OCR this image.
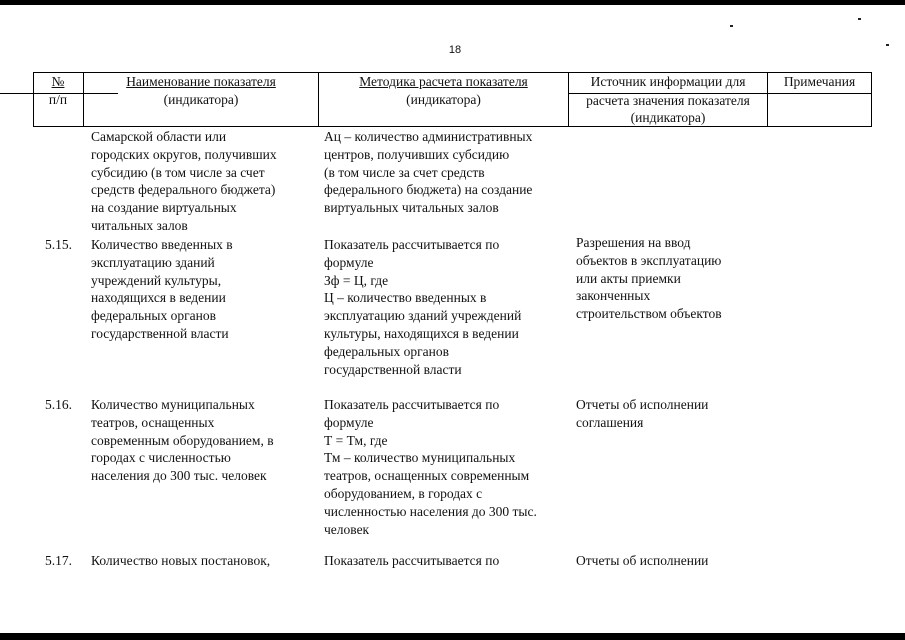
18
№
п/п
Наименование показателя
(индикатора)
Методика расчета показателя
(индикатора)
Источник информации для
расчета значения показателя
(индикатора)
Примечания
Самарской области или
городских округов, получивших
субсидию (в том числе за счет
средств федерального бюджета)
на создание виртуальных
читальных залов
Ац – количество административных
центров, получивших субсидию
(в том числе за счет средств
федерального бюджета) на создание
виртуальных читальных залов
5.15. Количество введенных в
эксплуатацию зданий
учреждений культуры,
находящихся в ведении
федеральных органов
государственной власти
Показатель рассчитывается по
формуле
Зф = Ц, где
Ц – количество введенных в
эксплуатацию зданий учреждений
культуры, находящихся в ведении
федеральных органов
государственной власти
Разрешения на ввод
объектов в эксплуатацию
или акты приемки
законченных
строительством объектов
5.16. Количество муниципальных
театров, оснащенных
современным оборудованием, в
городах с численностью
населения до 300 тыс. человек
Показатель рассчитывается по
формуле
Т = Тм, где
Тм – количество муниципальных
театров, оснащенных современным
оборудованием, в городах с
численностью населения до 300 тыс.
человек
Отчеты об исполнении
соглашения
5.17. Количество новых постановок,	Показатель рассчитывается по	Отчеты об исполнении
